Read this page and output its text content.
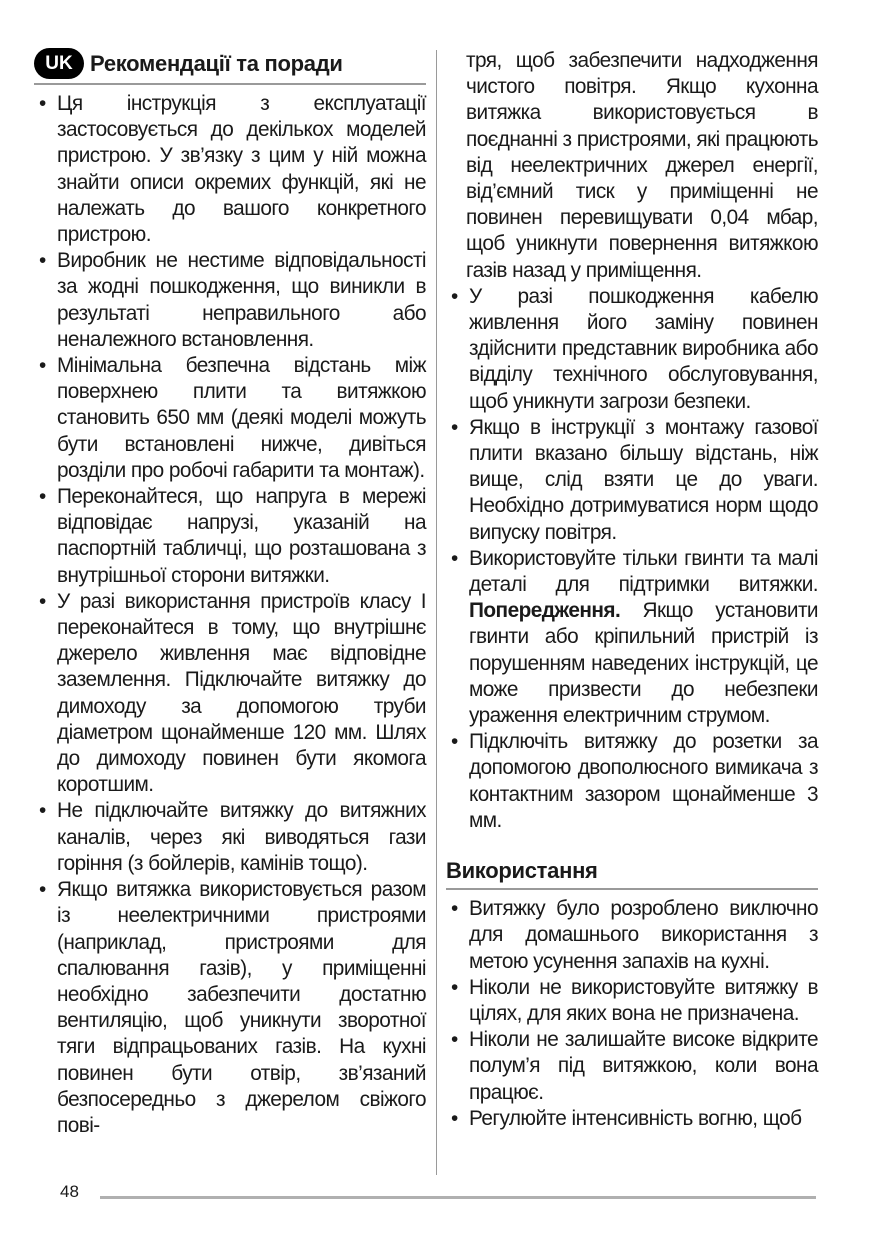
UK Рекомендації та поради
• Ця інструкція з експлуатації застосовується до декількох моделей пристрою. У зв’язку з цим у ній можна знайти описи окремих функцій, які не належать до вашого конкретного пристрою.
• Виробник не нестиме відповідальності за жодні пошкодження, що виникли в результаті неправильного або неналежного встановлення.
• Мінімальна безпечна відстань між поверхнею плити та витяжкою становить 650 мм (деякі моделі можуть бути встановлені нижче, дивіться розділи про робочі габарити та монтаж).
• Переконайтеся, що напруга в мережі відповідає напрузі, указаній на паспортній табличці, що розташована з внутрішньої сторони витяжки.
• У разі використання пристроїв класу I переконайтеся в тому, що внутрішнє джерело живлення має відповідне заземлення. Підключайте витяжку до димоходу за допомогою труби діаметром щонайменше 120 мм. Шлях до димоходу повинен бути якомога коротшим.
• Не підключайте витяжку до витяжних каналів, через які виводяться гази горіння (з бойлерів, камінів тощо).
• Якщо витяжка використовується разом із неелектричними пристроями (наприклад, пристроями для спалювання газів), у приміщенні необхідно забезпечити достатню вентиляцію, щоб уникнути зворотної тяги відпрацьованих газів. На кухні повинен бути отвір, зв’язаний безпосередньо з джерелом свіжого пові-
тря, щоб забезпечити надходження чистого повітря. Якщо кухонна витяжка використовується в поєднанні з пристроями, які працюють від неелектричних джерел енергії, від’ємний тиск у приміщенні не повинен перевищувати 0,04 мбар, щоб уникнути повернення витяжкою газів назад у приміщення.
• У разі пошкодження кабелю живлення його заміну повинен здійснити представник виробника або відділу технічного обслуговування, щоб уникнути загрози безпеки.
• Якщо в інструкції з монтажу газової плити вказано більшу відстань, ніж вище, слід взяти це до уваги. Необхідно дотримуватися норм щодо випуску повітря.
• Використовуйте тільки гвинти та малі деталі для підтримки витяжки. Попередження. Якщо установити гвинти або кріпильний пристрій із порушенням наведених інструкцій, це може призвести до небезпеки ураження електричним струмом.
• Підключіть витяжку до розетки за допомогою двополюсного вимикача з контактним зазором щонайменше 3 мм.
Використання
• Витяжку було розроблено виключно для домашнього використання з метою усунення запахів на кухні.
• Ніколи не використовуйте витяжку в цілях, для яких вона не призначена.
• Ніколи не залишайте високе відкрите полум’я під витяжкою, коли вона працює.
• Регулюйте інтенсивність вогню, щоб
48
